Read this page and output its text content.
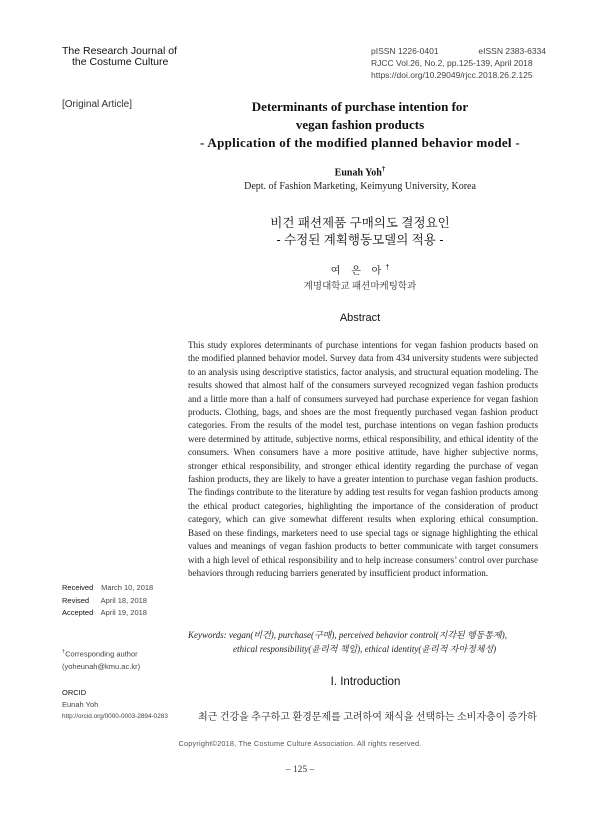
The Research Journal of
the Costume Culture
pISSN 1226-0401	eISSN 2383-6334
RJCC Vol.26, No.2, pp.125-139, April 2018
https://doi.org/10.29049/rjcc.2018.26.2.125
[Original Article]	Determinants of purchase intention for
vegan fashion products
- Application of the modified planned behavior model -
Eunah Yoh†
Dept. of Fashion Marketing, Keimyung University, Korea
비건 패션제품 구매의도 결정요인
- 수정된 계획행동모델의 적용 -
여 은 아†
계명대학교 패션마케팅학과
Abstract

This study explores determinants of purchase intentions for vegan fashion products based on the modified planned behavior model. Survey data from 434 university students were subjected to an analysis using descriptive statistics, factor analysis, and structural equation modeling. The results showed that almost half of the consumers surveyed recognized vegan fashion products and a little more than a half of consumers surveyed had purchase experience for vegan fashion products. Clothing, bags, and shoes are the most frequently purchased vegan fashion product categories. From the results of the model test, purchase intentions on vegan fashion products were determined by attitude, subjective norms, ethical responsibility, and ethical identity of the consumers. When consumers have a more positive attitude, have higher subjective norms, stronger ethical responsibility, and stronger ethical identity regarding the purchase of vegan fashion products, they are likely to have a greater intention to purchase vegan fashion products. The findings contribute to the literature by adding test results for vegan fashion products among the ethical product categories, highlighting the importance of the consideration of product category, which can give somewhat different results when exploring ethical consumption. Based on these findings, marketers need to use special tags or signage highlighting the ethical values and meanings of vegan fashion products to better communicate with target consumers with a high level of ethical responsibility and to help increase consumers’ control over purchase behaviors through reducing barriers generated by insufficient product information.

Keywords: vegan(비건), purchase(구매), perceived behavior control(지각된 행동통제),
ethical responsibility(윤리적 책임), ethical identity(윤리적 자아정체성)
Received March 10, 2018
Revised April 18, 2018
Accepted April 19, 2018
†Corresponding author
(yoheunah@kmu.ac.kr)
ORCID
Eunah Yoh
http://orcid.org/0000-0003-2894-0283
I. Introduction
최근 건강을 추구하고 환경문제를 고려하여 채식을 선택하는 소비자층이 증가하
Copyright©2018, The Costume Culture Association. All rights reserved.
– 125 –
